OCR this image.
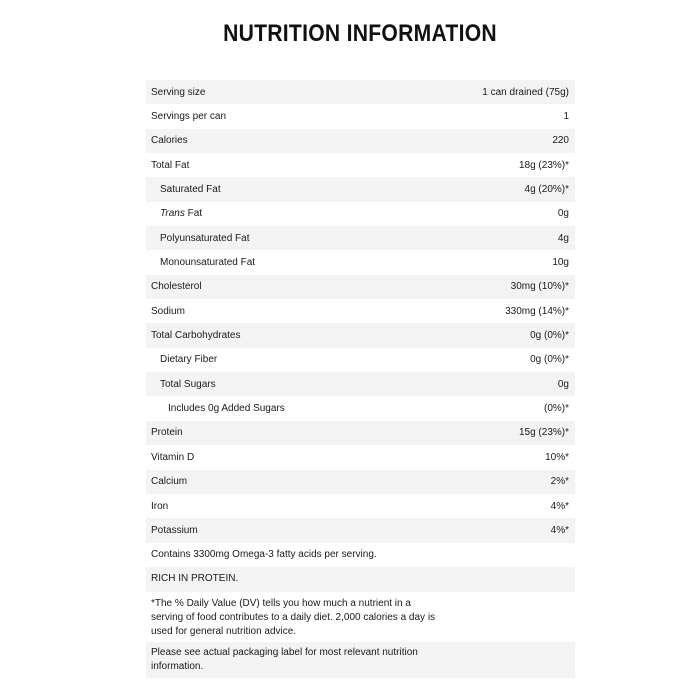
NUTRITION INFORMATION
Serving size	1 can drained (75g)
Servings per can	1
Calories	220
Total Fat	18g (23%)*
Saturated Fat	4g (20%)*
Trans Fat	0g
Polyunsaturated Fat	4g
Monounsaturated Fat	10g
Cholesterol	30mg (10%)*
Sodium	330mg (14%)*
Total Carbohydrates	0g (0%)*
Dietary Fiber	0g (0%)*
Total Sugars	0g
Includes 0g Added Sugars	(0%)*
Protein	15g (23%)*
Vitamin D	10%*
Calcium	2%*
Iron	4%*
Potassium	4%*
Contains 3300mg Omega-3 fatty acids per serving.
RICH IN PROTEIN.
*The % Daily Value (DV) tells you how much a nutrient in a serving of food contributes to a daily diet. 2,000 calories a day is used for general nutrition advice.
Please see actual packaging label for most relevant nutrition information.
